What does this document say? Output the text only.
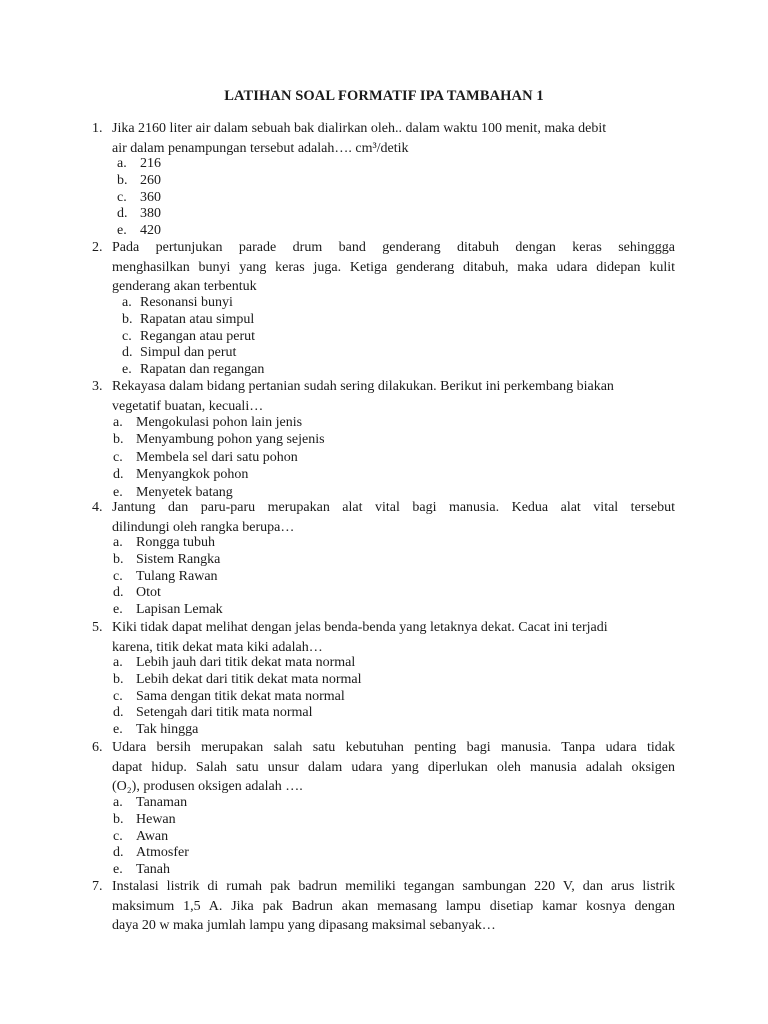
LATIHAN SOAL FORMATIF IPA TAMBAHAN 1
1. Jika 2160 liter air dalam sebuah bak dialirkan oleh.. dalam waktu 100 menit, maka debit
air dalam penampungan tersebut adalah…. cm³/detik
a. 216
b. 260
c. 360
d. 380
e. 420
2. Pada pertunjukan parade drum band genderang ditabuh dengan keras sehinggga
menghasilkan bunyi yang keras juga. Ketiga genderang ditabuh, maka udara didepan kulit
genderang akan terbentuk
a. Resonansi bunyi
b. Rapatan atau simpul
c. Regangan atau perut
d. Simpul dan perut
e. Rapatan dan regangan
3. Rekayasa dalam bidang pertanian sudah sering dilakukan. Berikut ini perkembang biakan
vegetatif buatan, kecuali…
a. Mengokulasi pohon lain jenis
b. Menyambung pohon yang sejenis
c. Membela sel dari satu pohon
d. Menyangkok pohon
e. Menyetek batang
4. Jantung dan paru-paru merupakan alat vital bagi manusia. Kedua alat vital tersebut
dilindungi oleh rangka berupa…
a. Rongga tubuh
b. Sistem Rangka
c. Tulang Rawan
d. Otot
e. Lapisan Lemak
5. Kiki tidak dapat melihat dengan jelas benda-benda yang letaknya dekat. Cacat ini terjadi
karena, titik dekat mata kiki adalah…
a. Lebih jauh dari titik dekat mata normal
b. Lebih dekat dari titik dekat mata normal
c. Sama dengan titik dekat mata normal
d. Setengah dari titik mata normal
e. Tak hingga
6. Udara bersih merupakan salah satu kebutuhan penting bagi manusia. Tanpa udara tidak
dapat hidup. Salah satu unsur dalam udara yang diperlukan oleh manusia adalah oksigen
(O₂), produsen oksigen adalah ….
a. Tanaman
b. Hewan
c. Awan
d. Atmosfer
e. Tanah
7. Instalasi listrik di rumah pak badrun memiliki tegangan sambungan 220 V, dan arus listrik
maksimum 1,5 A. Jika pak Badrun akan memasang lampu disetiap kamar kosnya dengan
daya 20 w maka jumlah lampu yang dipasang maksimal sebanyak…
